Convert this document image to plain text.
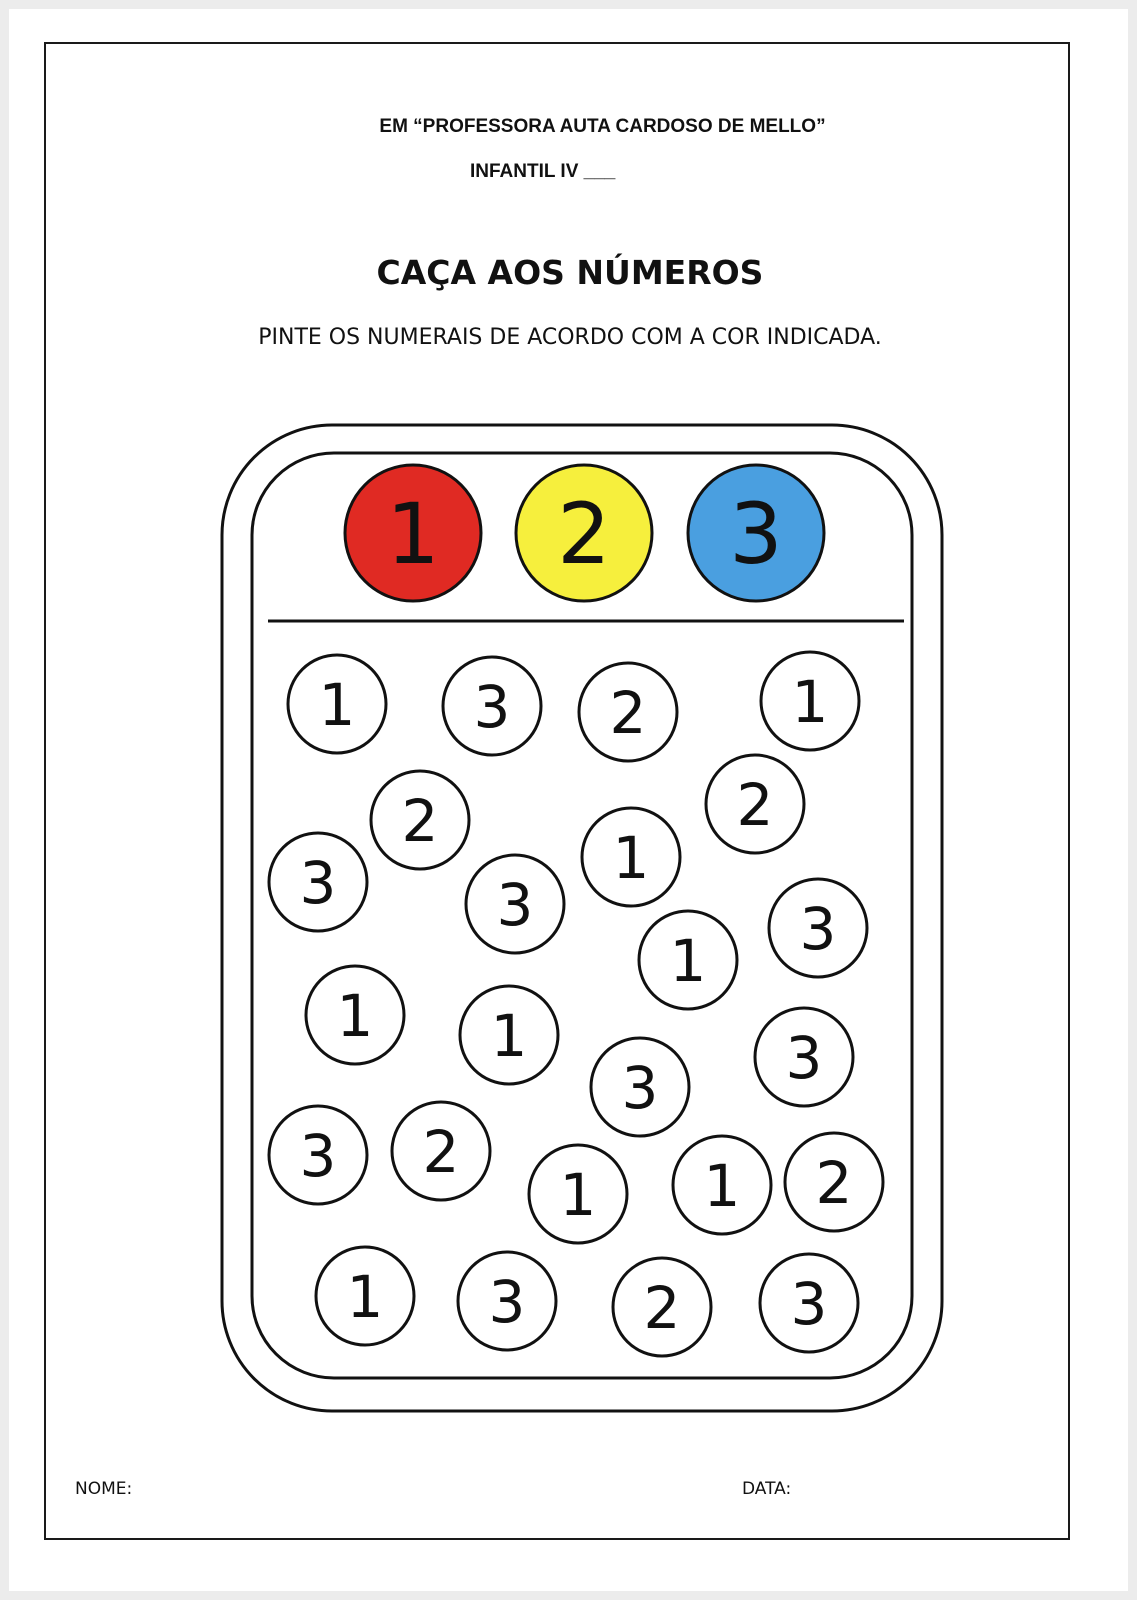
EM “PROFESSORA AUTA CARDOSO DE MELLO”
INFANTIL IV ___
CAÇA AOS NÚMEROS
PINTE OS NUMERAIS DE ACORDO COM A COR INDICADA.
1 2 3
1 3 2	1
2	2
3	1
3	3
1
1 1
3 3
3 2
1 1 2
1 3 2 3
NOME:	DATA:
